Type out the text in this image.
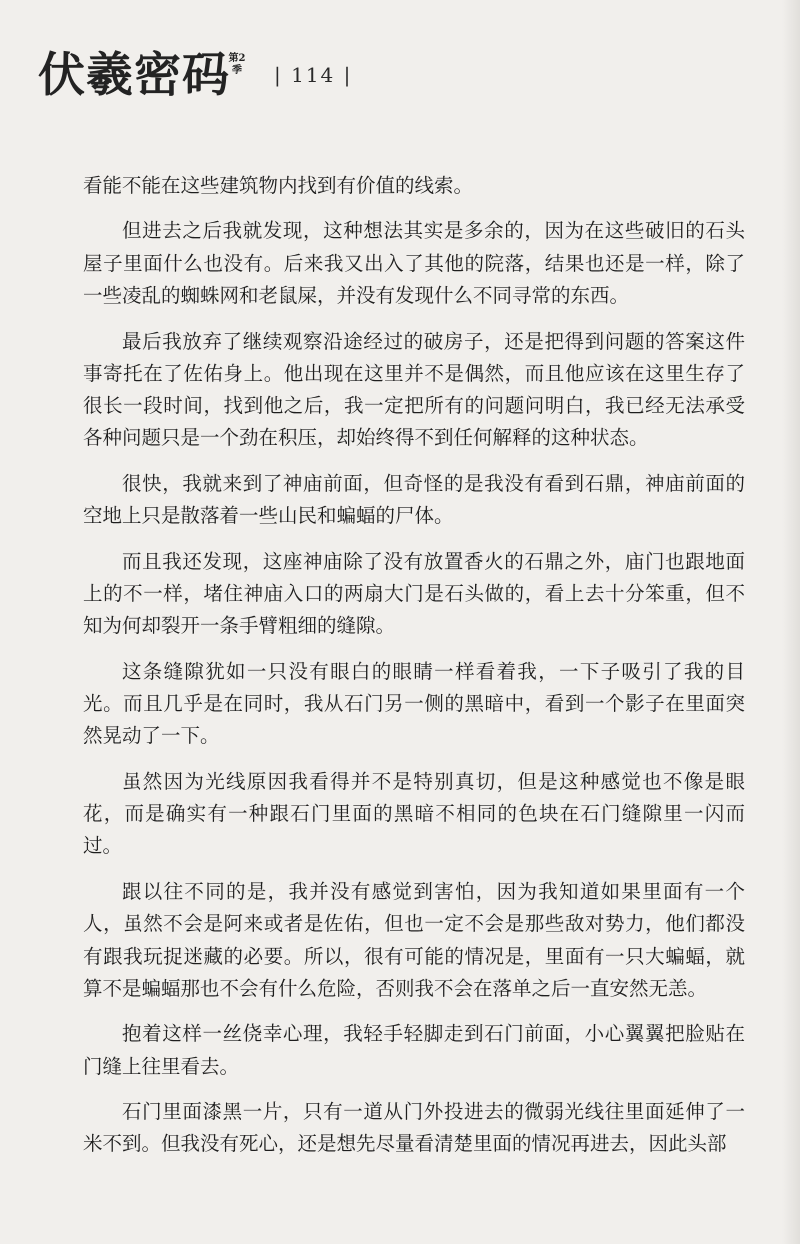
伏羲密码
第2季	| 114 |

看能不能在这些建筑物内找到有价值的线索。

但进去之后我就发现，这种想法其实是多余的，因为在这些破旧的石头屋子里面什么也没有。后来我又出入了其他的院落，结果也还是一样，除了一些凌乱的蜘蛛网和老鼠屎，并没有发现什么不同寻常的东西。

最后我放弃了继续观察沿途经过的破房子，还是把得到问题的答案这件事寄托在了佐佑身上。他出现在这里并不是偶然，而且他应该在这里生存了很长一段时间，找到他之后，我一定把所有的问题问明白，我已经无法承受各种问题只是一个劲在积压，却始终得不到任何解释的这种状态。

很快，我就来到了神庙前面，但奇怪的是我没有看到石鼎，神庙前面的空地上只是散落着一些山民和蝙蝠的尸体。

而且我还发现，这座神庙除了没有放置香火的石鼎之外，庙门也跟地面上的不一样，堵住神庙入口的两扇大门是石头做的，看上去十分笨重，但不知为何却裂开一条手臂粗细的缝隙。

这条缝隙犹如一只没有眼白的眼睛一样看着我，一下子吸引了我的目光。而且几乎是在同时，我从石门另一侧的黑暗中，看到一个影子在里面突然晃动了一下。

虽然因为光线原因我看得并不是特别真切，但是这种感觉也不像是眼花，而是确实有一种跟石门里面的黑暗不相同的色块在石门缝隙里一闪而过。

跟以往不同的是，我并没有感觉到害怕，因为我知道如果里面有一个人，虽然不会是阿来或者是佐佑，但也一定不会是那些敌对势力，他们都没有跟我玩捉迷藏的必要。所以，很有可能的情况是，里面有一只大蝙蝠，就算不是蝙蝠那也不会有什么危险，否则我不会在落单之后一直安然无恙。

抱着这样一丝侥幸心理，我轻手轻脚走到石门前面，小心翼翼把脸贴在门缝上往里看去。

石门里面漆黑一片，只有一道从门外投进去的微弱光线往里面延伸了一米不到。但我没有死心，还是想先尽量看清楚里面的情况再进去，因此头部
